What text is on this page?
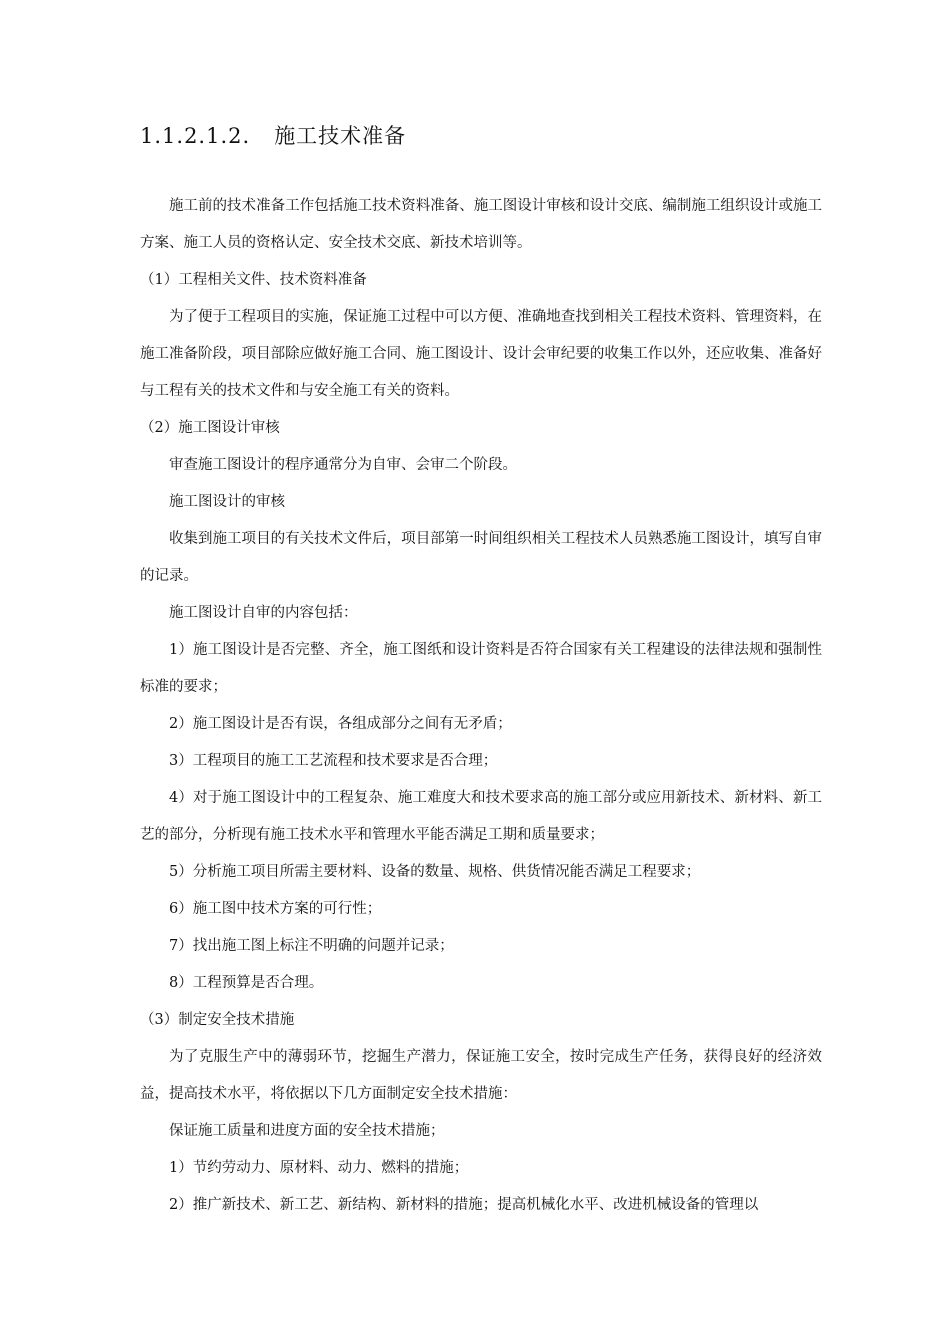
1.1.2.1.2. 施工技术准备

施工前的技术准备工作包括施工技术资料准备、施工图设计审核和设计交底、编制施工组织设计或施工方案、施工人员的资格认定、安全技术交底、新技术培训等。

（1）工程相关文件、技术资料准备

为了便于工程项目的实施，保证施工过程中可以方便、准确地查找到相关工程技术资料、管理资料，在施工准备阶段，项目部除应做好施工合同、施工图设计、设计会审纪要的收集工作以外，还应收集、准备好与工程有关的技术文件和与安全施工有关的资料。

（2）施工图设计审核

审查施工图设计的程序通常分为自审、会审二个阶段。

施工图设计的审核

收集到施工项目的有关技术文件后，项目部第一时间组织相关工程技术人员熟悉施工图设计，填写自审的记录。

施工图设计自审的内容包括：

1）施工图设计是否完整、齐全，施工图纸和设计资料是否符合国家有关工程建设的法律法规和强制性标准的要求；

2）施工图设计是否有误，各组成部分之间有无矛盾；

3）工程项目的施工工艺流程和技术要求是否合理；

4）对于施工图设计中的工程复杂、施工难度大和技术要求高的施工部分或应用新技术、新材料、新工艺的部分，分析现有施工技术水平和管理水平能否满足工期和质量要求；

5）分析施工项目所需主要材料、设备的数量、规格、供货情况能否满足工程要求；

6）施工图中技术方案的可行性；

7）找出施工图上标注不明确的问题并记录；

8）工程预算是否合理。

（3）制定安全技术措施

为了克服生产中的薄弱环节，挖掘生产潜力，保证施工安全，按时完成生产任务，获得良好的经济效益，提高技术水平，将依据以下几方面制定安全技术措施：

保证施工质量和进度方面的安全技术措施；

1）节约劳动力、原材料、动力、燃料的措施；

2）推广新技术、新工艺、新结构、新材料的措施；提高机械化水平、改进机械设备的管理以
